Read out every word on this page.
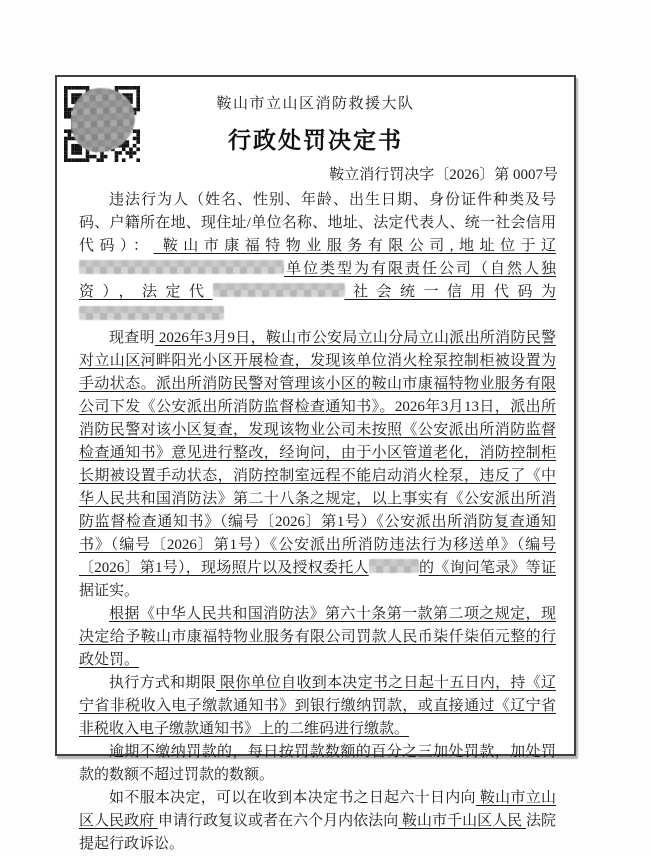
鞍山市立山区消防救援大队
行政处罚决定书
鞍立消行罚决字〔2026〕第 0007号

违法行为人（姓名、性别、年龄、出生日期、身份证件种类及号码、户籍所在地、现住址/单位名称、地址、法定代表人、统一社会信用代码）： 鞍山市康福特物业服务有限公司,地址位于辽单位类型为有限责任公司（自然人独资），法定代	社会统一信用代码为

现查明 2026年3月9日，鞍山市公安局立山分局立山派出所消防民警对立山区河畔阳光小区开展检查，发现该单位消火栓泵控制柜被设置为手动状态。派出所消防民警对管理该小区的鞍山市康福特物业服务有限公司下发《公安派出所消防监督检查通知书》。2026年3月13日，派出所消防民警对该小区复查，发现该物业公司未按照《公安派出所消防监督检查通知书》意见进行整改，经询问，由于小区管道老化，消防控制柜长期被设置手动状态，消防控制室远程不能启动消火栓泵，违反了《中华人民共和国消防法》第二十八条之规定，以上事实有《公安派出所消防监督检查通知书》（编号〔2026〕第1号）《公安派出所消防复查通知书》（编号〔2026〕第1号）《公安派出所消防违法行为移送单》（编号〔2026〕第1号），现场照片以及授权委托人	的《询问笔录》等证据证实。

根据《中华人民共和国消防法》第六十条第一款第二项之规定，现决定给予鞍山市康福特物业服务有限公司罚款人民币柒仟柒佰元整的行政处罚。

执行方式和期限 限你单位自收到本决定书之日起十五日内，持《辽宁省非税收入电子缴款通知书》到银行缴纳罚款，或直接通过《辽宁省非税收入电子缴款通知书》上的二维码进行缴款。

逾期不缴纳罚款的，每日按罚款数额的百分之三加处罚款，加处罚款的数额不超过罚款的数额。

如不服本决定，可以在收到本决定书之日起六十日内向 鞍山市立山区人民政府 申请行政复议或者在六个月内依法向 鞍山市千山区人民 法院提起行政诉讼。
